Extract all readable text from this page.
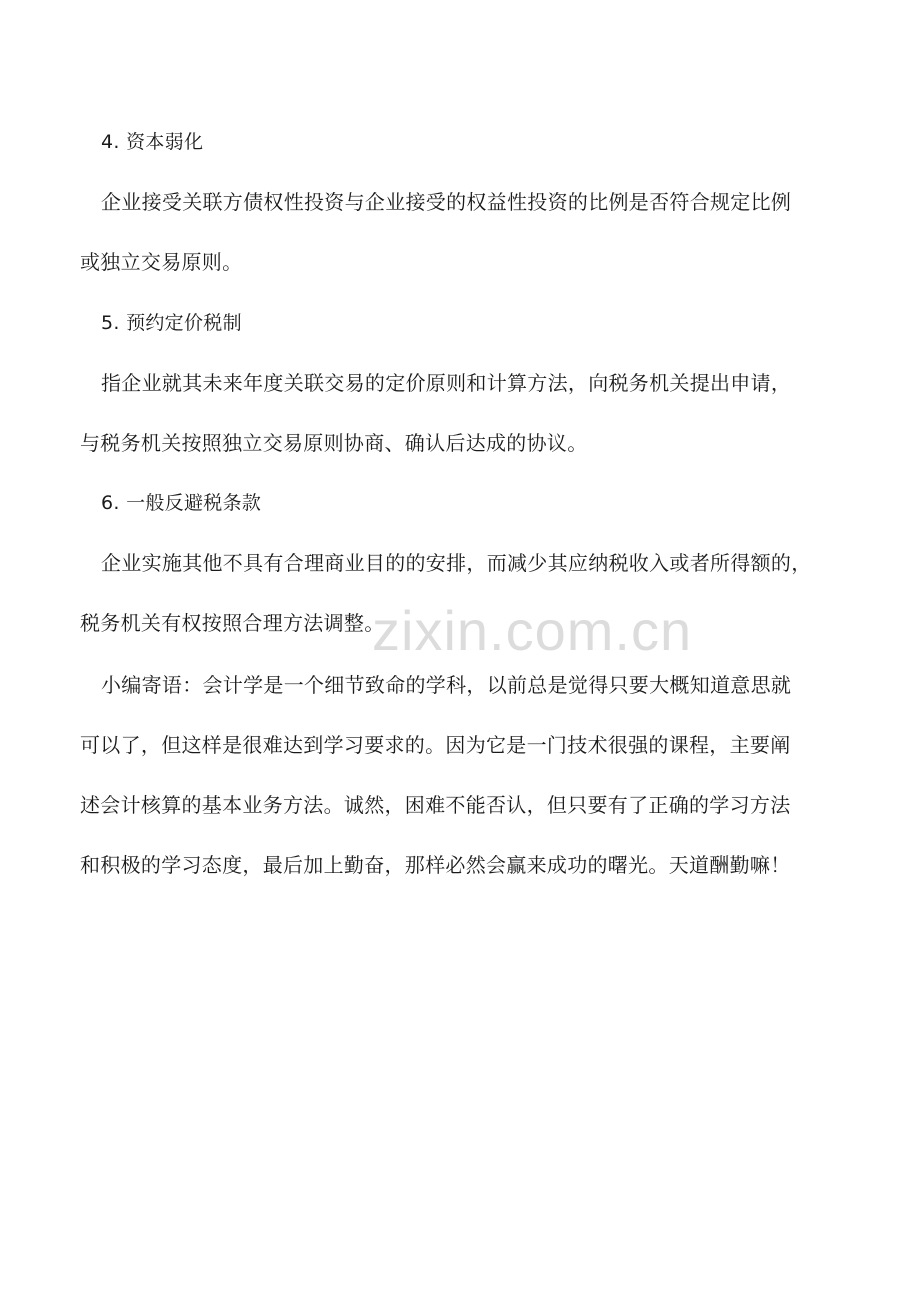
zixin.com.cn
4. 资本弱化
企业接受关联方债权性投资与企业接受的权益性投资的比例是否符合规定比例
或独立交易原则。
5. 预约定价税制
指企业就其未来年度关联交易的定价原则和计算方法，向税务机关提出申请，
与税务机关按照独立交易原则协商、确认后达成的协议。
6. 一般反避税条款
企业实施其他不具有合理商业目的的安排，而减少其应纳税收入或者所得额的，
税务机关有权按照合理方法调整。
小编寄语：会计学是一个细节致命的学科，以前总是觉得只要大概知道意思就
可以了，但这样是很难达到学习要求的。因为它是一门技术很强的课程，主要阐
述会计核算的基本业务方法。诚然，困难不能否认，但只要有了正确的学习方法
和积极的学习态度，最后加上勤奋，那样必然会赢来成功的曙光。天道酬勤嘛！
